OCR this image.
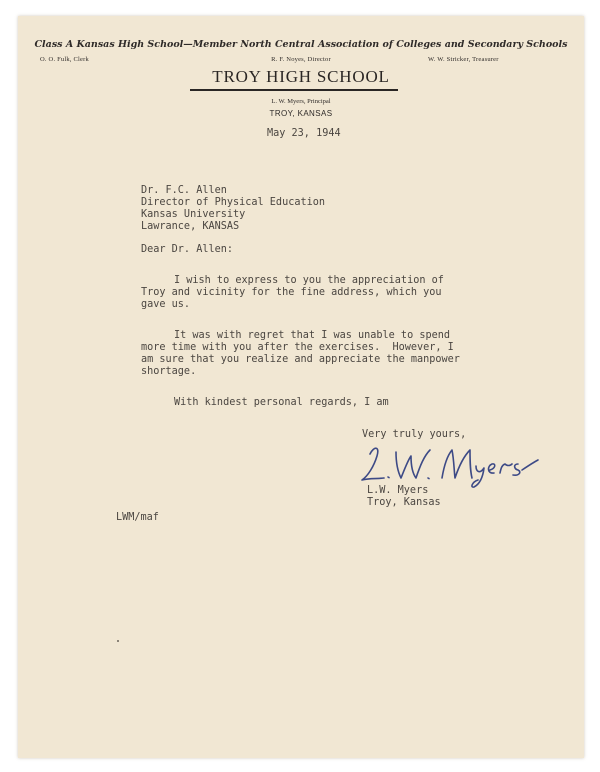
Class A Kansas High School—Member North Central Association of Colleges and Secondary Schools
O. O. Fulk, Clerk	R. F. Noyes, Director	W. W. Stricker, Treasurer
TROY HIGH SCHOOL
L. W. Myers, Principal
TROY, KANSAS
May 23, 1944
Dr. F.C. Allen
Director of Physical Education
Kansas University
Lawrance, KANSAS
Dear Dr. Allen:
I wish to express to you the appreciation of
Troy and vicinity for the fine address, which you
gave us.
It was with regret that I was unable to spend
more time with you after the exercises.  However, I
am sure that you realize and appreciate the manpower
shortage.
With kindest personal regards, I am
Very truly yours,
L.W. Myers
Troy, Kansas
LWM/maf
